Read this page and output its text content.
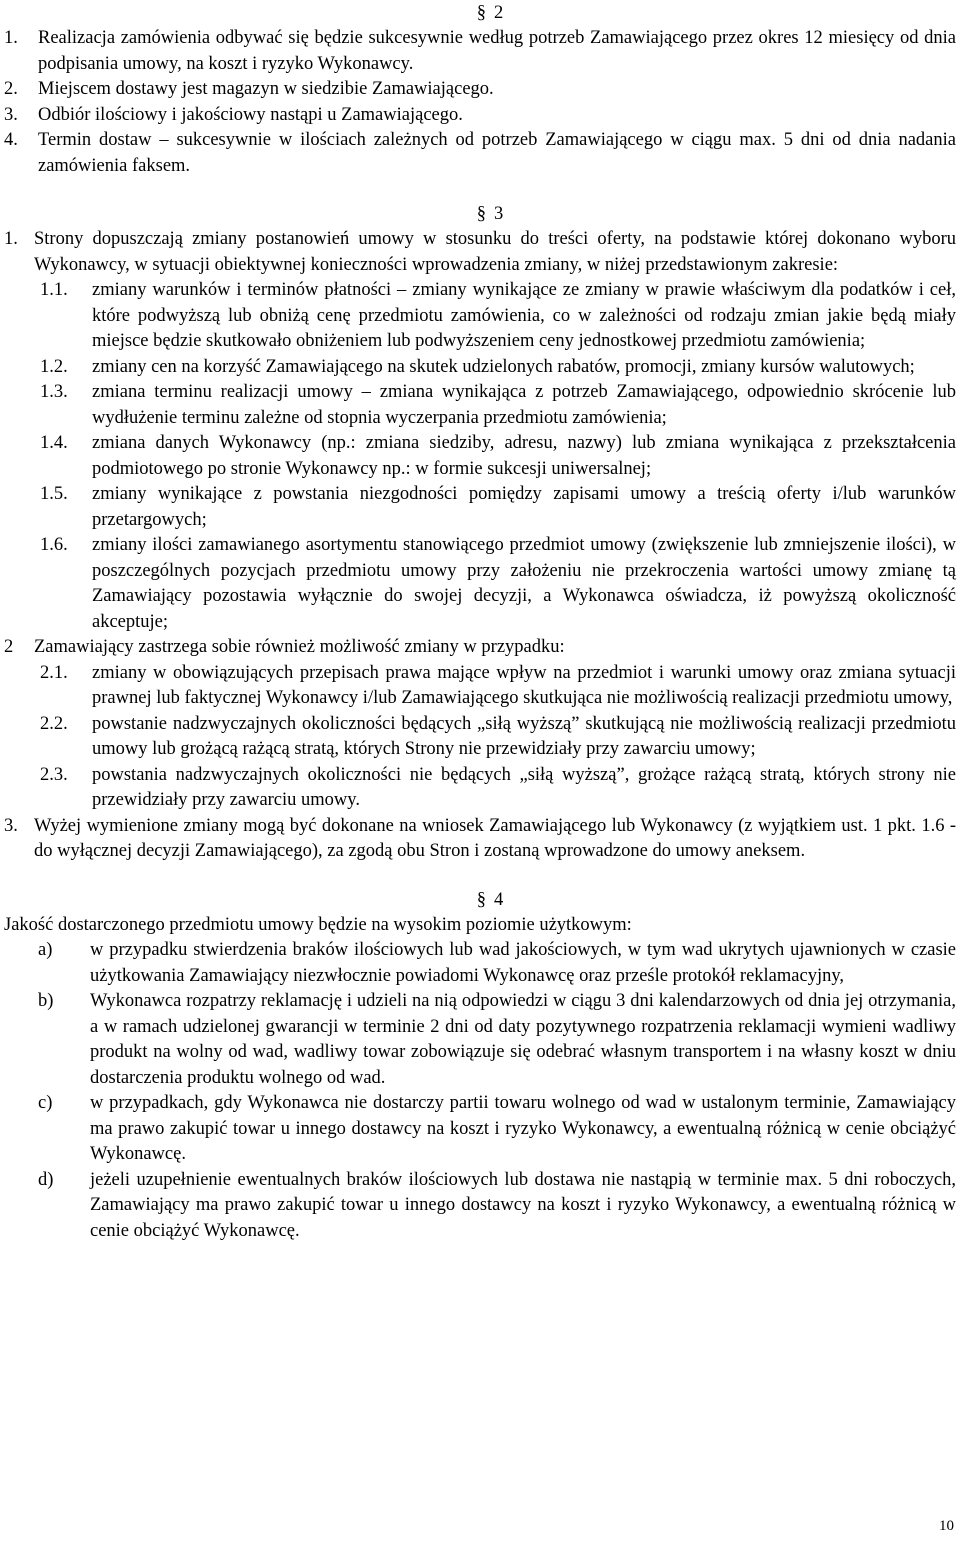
§ 2
1.	Realizacja zamówienia odbywać się będzie sukcesywnie według potrzeb Zamawiającego przez okres 12 miesięcy od dnia podpisania umowy, na koszt i ryzyko Wykonawcy.
2.	Miejscem dostawy jest magazyn w siedzibie Zamawiającego.
3.	Odbiór ilościowy i jakościowy nastąpi u Zamawiającego.
4.	Termin dostaw – sukcesywnie w ilościach zależnych od potrzeb Zamawiającego w ciągu max. 5 dni od dnia nadania zamówienia faksem.
§ 3
1. Strony dopuszczają zmiany postanowień umowy w stosunku do treści oferty, na podstawie której dokonano wyboru Wykonawcy, w sytuacji obiektywnej konieczności wprowadzenia zmiany, w niżej przedstawionym zakresie:
1.1.	zmiany warunków i terminów płatności – zmiany wynikające ze zmiany w prawie właściwym dla podatków i ceł, które podwyższą lub obniżą cenę przedmiotu zamówienia, co w zależności od rodzaju zmian jakie będą miały miejsce będzie skutkowało obniżeniem lub podwyższeniem ceny jednostkowej przedmiotu zamówienia;
1.2.	zmiany cen na korzyść Zamawiającego na skutek udzielonych rabatów, promocji, zmiany kursów walutowych;
1.3.	zmiana terminu realizacji umowy – zmiana wynikająca z potrzeb Zamawiającego, odpowiednio skrócenie lub wydłużenie terminu zależne od stopnia wyczerpania przedmiotu zamówienia;
1.4.	zmiana danych Wykonawcy (np.: zmiana siedziby, adresu, nazwy) lub zmiana wynikająca z przekształcenia podmiotowego po stronie Wykonawcy np.: w formie sukcesji uniwersalnej;
1.5.	zmiany wynikające z powstania niezgodności pomiędzy zapisami umowy a treścią oferty i/lub warunków przetargowych;
1.6.	zmiany ilości zamawianego asortymentu stanowiącego przedmiot umowy (zwiększenie lub zmniejszenie ilości), w poszczególnych pozycjach przedmiotu umowy przy założeniu nie przekroczenia wartości umowy zmianę tą Zamawiający pozostawia wyłącznie do swojej decyzji, a Wykonawca oświadcza, iż powyższą okoliczność akceptuje;
2	Zamawiający zastrzega sobie również możliwość zmiany w przypadku:
2.1.	zmiany w obowiązujących przepisach prawa mające wpływ na przedmiot i warunki umowy oraz zmiana sytuacji prawnej lub faktycznej Wykonawcy i/lub Zamawiającego skutkująca nie możliwością realizacji przedmiotu umowy,
2.2.	powstanie nadzwyczajnych okoliczności będących „siłą wyższą” skutkującą nie możliwością realizacji przedmiotu umowy lub grożącą rażącą stratą, których Strony nie przewidziały przy zawarciu umowy;
2.3.	powstania nadzwyczajnych okoliczności nie będących „siłą wyższą”, grożące rażącą stratą, których strony nie przewidziały przy zawarciu umowy.
3. Wyżej wymienione zmiany mogą być dokonane na wniosek Zamawiającego lub Wykonawcy (z wyjątkiem ust. 1 pkt. 1.6 - do wyłącznej decyzji Zamawiającego), za zgodą obu Stron i zostaną wprowadzone do umowy aneksem.
§ 4
Jakość dostarczonego przedmiotu umowy będzie na wysokim poziomie użytkowym:
a)	w przypadku stwierdzenia braków ilościowych lub wad jakościowych, w tym wad ukrytych ujawnionych w czasie użytkowania Zamawiający niezwłocznie powiadomi Wykonawcę oraz prześle protokół reklamacyjny,
b)	Wykonawca rozpatrzy reklamację i udzieli na nią odpowiedzi w ciągu 3 dni kalendarzowych od dnia jej otrzymania, a w ramach udzielonej gwarancji w terminie 2 dni od daty pozytywnego rozpatrzenia reklamacji wymieni wadliwy produkt na wolny od wad, wadliwy towar zobowiązuje się odebrać własnym transportem i na własny koszt w dniu dostarczenia produktu wolnego od wad.
c)	w przypadkach, gdy Wykonawca nie dostarczy partii towaru wolnego od wad w ustalonym terminie, Zamawiający ma prawo zakupić towar u innego dostawcy na koszt i ryzyko Wykonawcy, a ewentualną różnicą w cenie obciążyć Wykonawcę.
d)	jeżeli uzupełnienie ewentualnych braków ilościowych lub dostawa nie nastąpią w terminie max. 5 dni roboczych, Zamawiający ma prawo zakupić towar u innego dostawcy na koszt i ryzyko Wykonawcy, a ewentualną różnicą w cenie obciążyć Wykonawcę.
10
